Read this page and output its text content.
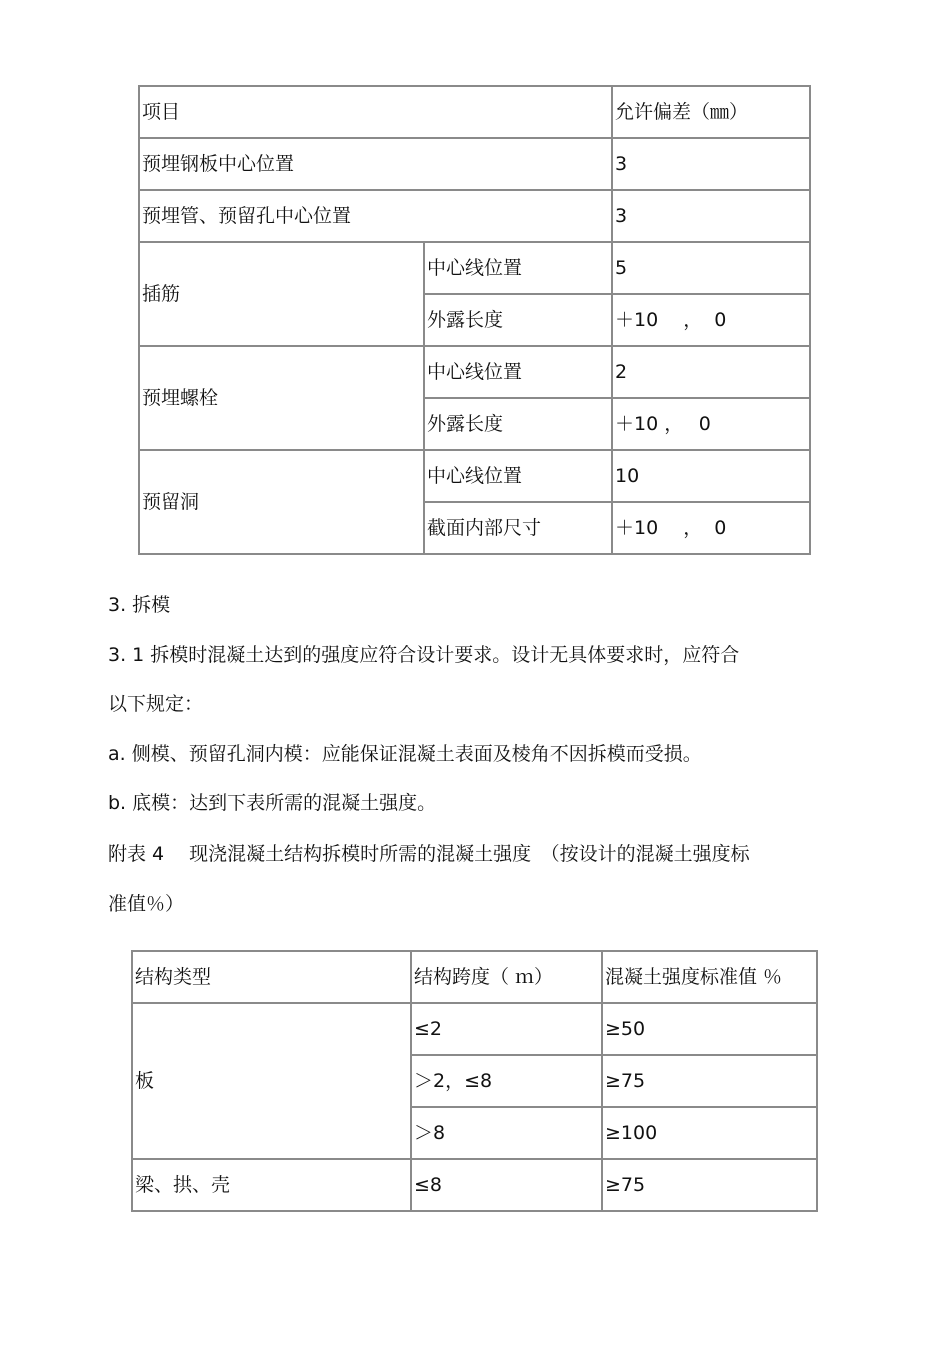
项目		允许偏差（㎜）
预埋钢板中心位置		3
预埋管、预留孔中心位置		3
插筋	中心线位置	5
	外露长度	＋10　 ，  0
预埋螺栓	中心线位置	2
	外露长度	＋10 ，　 0
预留洞	中心线位置	10
	截面内部尺寸	＋10　 ，  0
3. 拆模
3. 1 拆模时混凝土达到的强度应符合设计要求。设计无具体要求时，应符合
以下规定：
a. 侧模、预留孔洞内模：应能保证混凝土表面及棱角不因拆模而受损。
b. 底模：达到下表所需的混凝土强度。
附表 4　 现浇混凝土结构拆模时所需的混凝土强度　（按设计的混凝土强度标
准值％）
结构类型	结构跨度（ ｍ）	混凝土强度标准值 ％
板	≤2	≥50
	＞2，≤8	≥75
	＞8	≥100
梁、拱、壳	≤8	≥75
